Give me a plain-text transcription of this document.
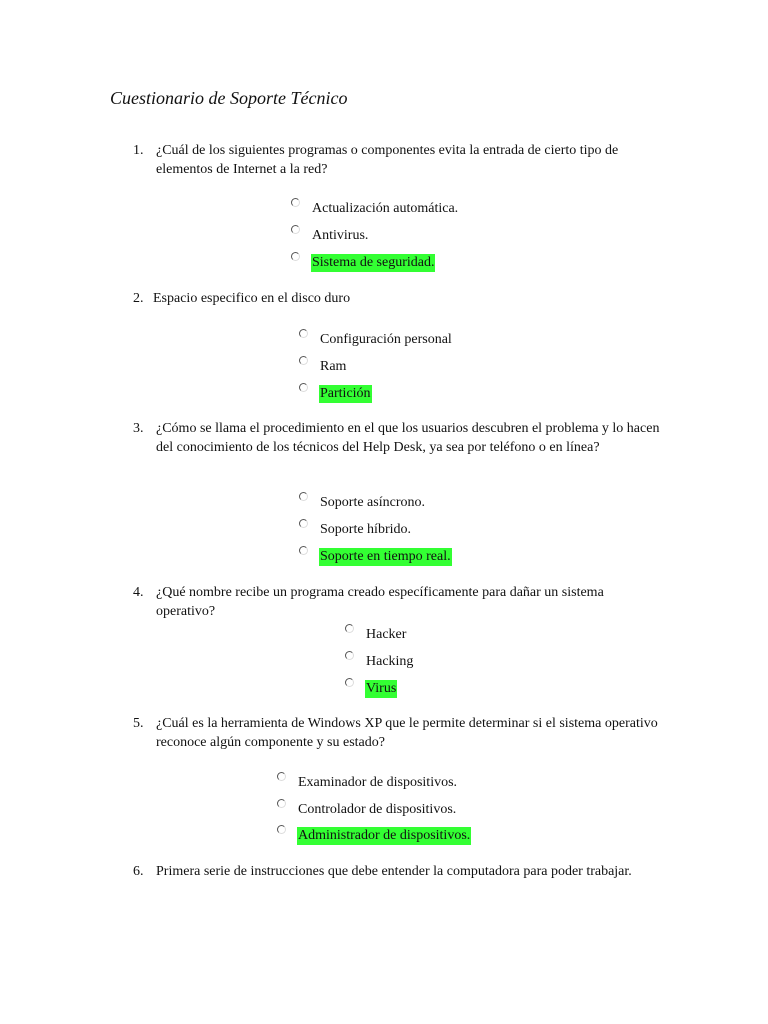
Cuestionario de Soporte Técnico
1. ¿Cuál de los siguientes programas o componentes evita la entrada de cierto tipo de elementos de Internet a la red?
Actualización automática.
Antivirus.
Sistema de seguridad.
2. Espacio especifico en el disco duro
Configuración personal
Ram
Partición
3. ¿Cómo se llama el procedimiento en el que los usuarios descubren el problema y lo hacen del conocimiento de los técnicos del Help Desk, ya sea por teléfono o en línea?
Soporte asíncrono.
Soporte híbrido.
Soporte en tiempo real.
4. ¿Qué nombre recibe un programa creado específicamente para dañar un sistema operativo?
Hacker
Hacking
Virus
5. ¿Cuál es la herramienta de Windows XP que le permite determinar si el sistema operativo reconoce algún componente y su estado?
Examinador de dispositivos.
Controlador de dispositivos.
Administrador de dispositivos.
6. Primera serie de instrucciones que debe entender la computadora para poder trabajar.
